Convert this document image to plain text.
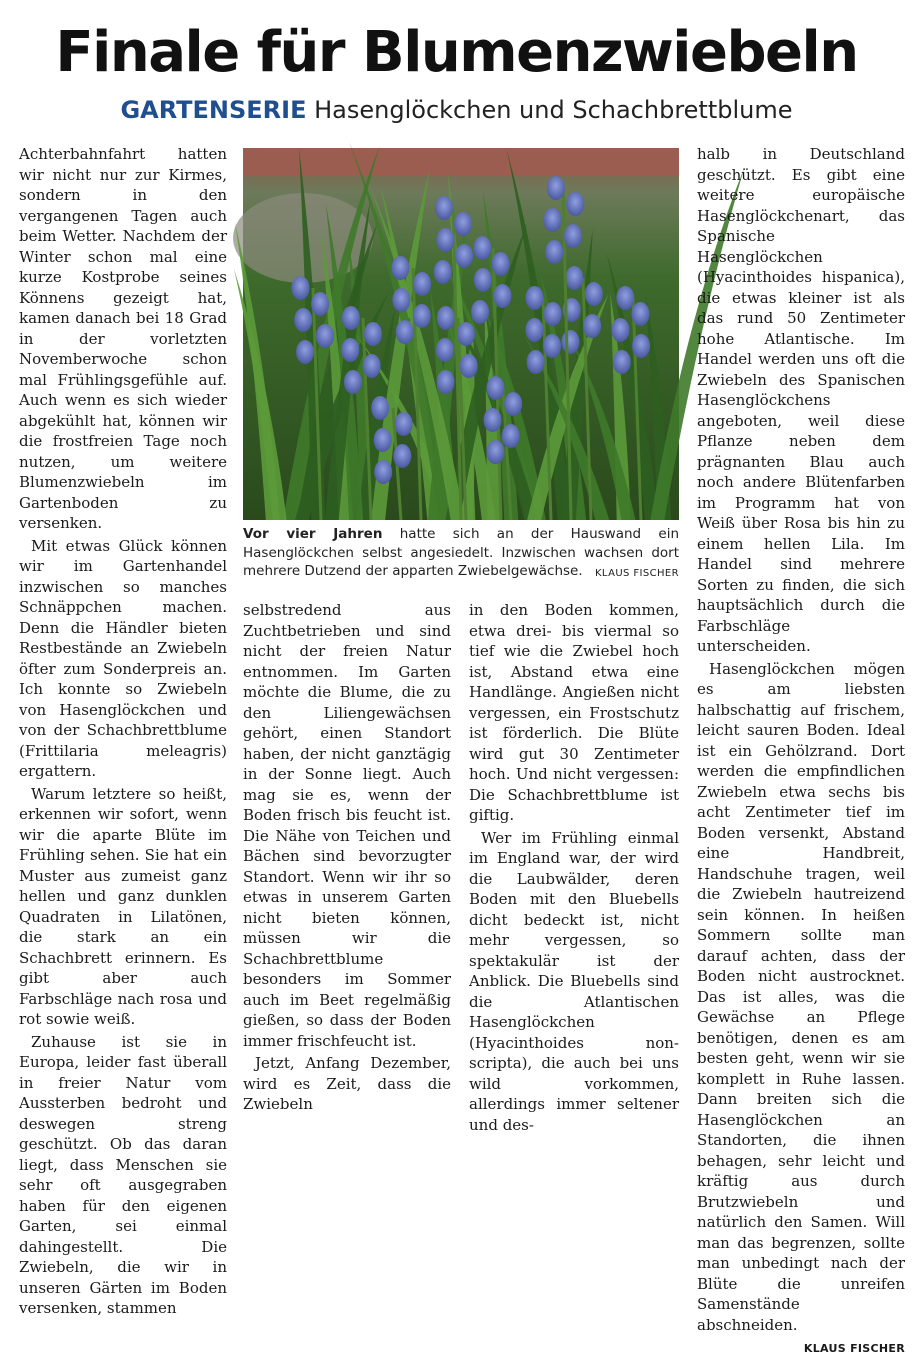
Finale für Blumenzwiebeln
GARTENSERIE Hasenglöckchen und Schachbrettblume

Achterbahnfahrt hatten wir nicht nur zur Kirmes, sondern in den vergangenen Tagen auch beim Wetter. Nachdem der Winter schon mal eine kurze Kostprobe seines Könnens gezeigt hat, kamen danach bei 18 Grad in der vorletzten Novemberwoche schon mal Frühlingsgefühle auf. Auch wenn es sich wieder abgekühlt hat, können wir die frostfreien Tage noch nutzen, um weitere Blumenzwiebeln im Gartenboden zu versenken.

Mit etwas Glück können wir im Gartenhandel inzwischen so manches Schnäppchen machen. Denn die Händler bieten Restbestände an Zwiebeln öfter zum Sonderpreis an. Ich konnte so Zwiebeln von Hasenglöckchen und von der Schachbrettblume (Frittilaria meleagris) ergattern.

Warum letztere so heißt, erkennen wir sofort, wenn wir die aparte Blüte im Frühling sehen. Sie hat ein Muster aus zumeist ganz hellen und ganz dunklen Quadraten in Lilatönen, die stark an ein Schachbrett erinnern. Es gibt aber auch Farbschläge nach rosa und rot sowie weiß.

Zuhause ist sie in Europa, leider fast überall in freier Natur vom Aussterben bedroht und deswegen streng geschützt. Ob das daran liegt, dass Menschen sie sehr oft ausgegraben haben für den eigenen Garten, sei einmal dahingestellt. Die Zwiebeln, die wir in unseren Gärten im Boden versenken, stammen

Vor vier Jahren hatte sich an der Hauswand ein Hasenglöckchen selbst angesiedelt. Inzwischen wachsen dort mehrere Dutzend der apparten Zwiebelgewächse. KLAUS FISCHER

selbstredend aus Zuchtbetrieben und sind nicht der freien Natur entnommen. Im Garten möchte die Blume, die zu den Liliengewächsen gehört, einen Standort haben, der nicht ganztägig in der Sonne liegt. Auch mag sie es, wenn der Boden frisch bis feucht ist. Die Nähe von Teichen und Bächen sind bevorzugter Standort. Wenn wir ihr so etwas in unserem Garten nicht bieten können, müssen wir die Schachbrettblume besonders im Sommer auch im Beet regelmäßig gießen, so dass der Boden immer frischfeucht ist.

Jetzt, Anfang Dezember, wird es Zeit, dass die Zwiebeln

in den Boden kommen, etwa drei- bis viermal so tief wie die Zwiebel hoch ist, Abstand etwa eine Handlänge. Angießen nicht vergessen, ein Frostschutz ist förderlich. Die Blüte wird gut 30 Zentimeter hoch. Und nicht vergessen: Die Schachbrettblume ist giftig.

Wer im Frühling einmal im England war, der wird die Laubwälder, deren Boden mit den Bluebells dicht bedeckt ist, nicht mehr vergessen, so spektakulär ist der Anblick. Die Bluebells sind die Atlantischen Hasenglöckchen (Hyacinthoides non-scripta), die auch bei uns wild vorkommen, allerdings immer seltener und des-

halb in Deutschland geschützt. Es gibt eine weitere europäische Hasenglöckchenart, das Spanische Hasenglöckchen (Hyacinthoides hispanica), die etwas kleiner ist als das rund 50 Zentimeter hohe Atlantische. Im Handel werden uns oft die Zwiebeln des Spanischen Hasenglöckchens angeboten, weil diese Pflanze neben dem prägnanten Blau auch noch andere Blütenfarben im Programm hat von Weiß über Rosa bis hin zu einem hellen Lila. Im Handel sind mehrere Sorten zu finden, die sich hauptsächlich durch die Farbschläge unterscheiden.

Hasenglöckchen mögen es am liebsten halbschattig auf frischem, leicht sauren Boden. Ideal ist ein Gehölzrand. Dort werden die empfindlichen Zwiebeln etwa sechs bis acht Zentimeter tief im Boden versenkt, Abstand eine Handbreit, Handschuhe tragen, weil die Zwiebeln hautreizend sein können. In heißen Sommern sollte man darauf achten, dass der Boden nicht austrocknet. Das ist alles, was die Gewächse an Pflege benötigen, denen es am besten geht, wenn wir sie komplett in Ruhe lassen. Dann breiten sich die Hasenglöckchen an Standorten, die ihnen behagen, sehr leicht und kräftig aus durch Brutzwiebeln und natürlich den Samen. Will man das begrenzen, sollte man unbedingt nach der Blüte die unreifen Samenstände abschneiden.
KLAUS FISCHER
